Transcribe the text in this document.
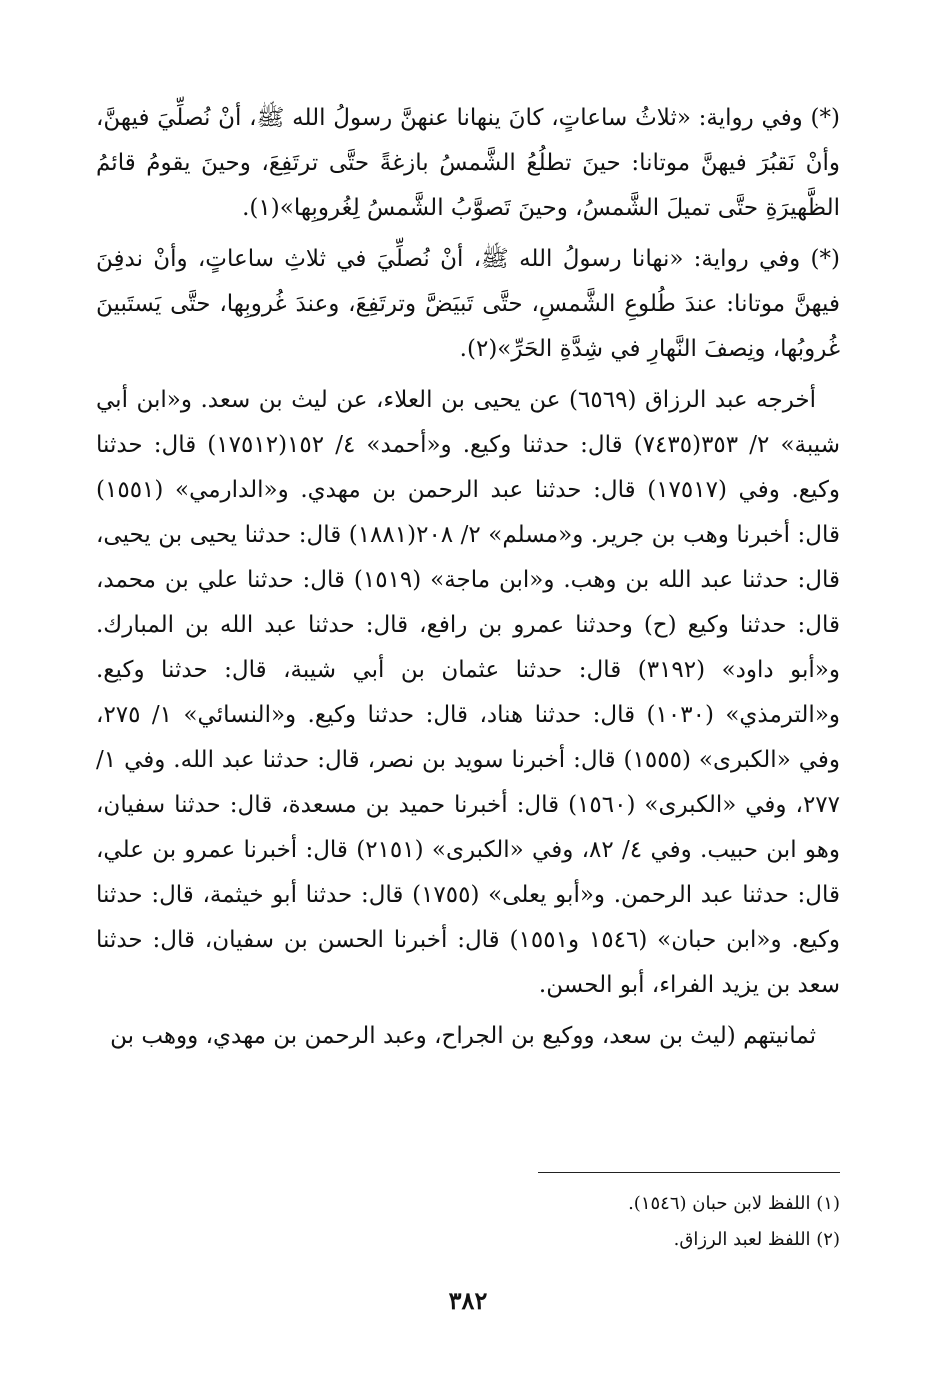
(*) وفي رواية: «ثلاثُ ساعاتٍ، كانَ ينهانا عنهنَّ رسولُ الله ﷺ، أنْ نُصلِّيَ فيهنَّ، وأنْ نَقبُرَ فيهنَّ موتانا: حينَ تطلُعُ الشَّمسُ بازغةً حتَّى ترتَفِعَ، وحينَ يقومُ قائمُ الظَّهيرَةِ حتَّى تميلَ الشَّمسُ، وحينَ تَصوَّبُ الشَّمسُ لِغُروبِها»(١).

(*) وفي رواية: «نهانا رسولُ الله ﷺ، أنْ نُصلِّيَ في ثلاثِ ساعاتٍ، وأنْ ندفِنَ فيهنَّ موتانا: عندَ طُلوعِ الشَّمسِ، حتَّى تَبيَضَّ وترتَفِعَ، وعندَ غُروبِها، حتَّى يَستَبينَ غُروبُها، ونِصفَ النَّهارِ في شِدَّةِ الحَرِّ»(٢).

أخرجه عبد الرزاق (٦٥٦٩) عن يحيى بن العلاء، عن ليث بن سعد. و«ابن أبي شيبة» ٢/ ٣٥٣(٧٤٣٥) قال: حدثنا وكيع. و«أحمد» ٤/ ١٥٢(١٧٥١٢) قال: حدثنا وكيع. وفي (١٧٥١٧) قال: حدثنا عبد الرحمن بن مهدي. و«الدارمي» (١٥٥١) قال: أخبرنا وهب بن جرير. و«مسلم» ٢/ ٢٠٨(١٨٨١) قال: حدثنا يحيى بن يحيى، قال: حدثنا عبد الله بن وهب. و«ابن ماجة» (١٥١٩) قال: حدثنا علي بن محمد، قال: حدثنا وكيع (ح) وحدثنا عمرو بن رافع، قال: حدثنا عبد الله بن المبارك. و«أبو داود» (٣١٩٢) قال: حدثنا عثمان بن أبي شيبة، قال: حدثنا وكيع. و«الترمذي» (١٠٣٠) قال: حدثنا هناد، قال: حدثنا وكيع. و«النسائي» ١/ ٢٧٥، وفي «الكبرى» (١٥٥٥) قال: أخبرنا سويد بن نصر، قال: حدثنا عبد الله. وفي ١/ ٢٧٧، وفي «الكبرى» (١٥٦٠) قال: أخبرنا حميد بن مسعدة، قال: حدثنا سفيان، وهو ابن حبيب. وفي ٤/ ٨٢، وفي «الكبرى» (٢١٥١) قال: أخبرنا عمرو بن علي، قال: حدثنا عبد الرحمن. و«أبو يعلى» (١٧٥٥) قال: حدثنا أبو خيثمة، قال: حدثنا وكيع. و«ابن حبان» (١٥٤٦ و١٥٥١) قال: أخبرنا الحسن بن سفيان، قال: حدثنا سعد بن يزيد الفراء، أبو الحسن.

ثمانيتهم (ليث بن سعد، ووكيع بن الجراح، وعبد الرحمن بن مهدي، ووهب بن

(١) اللفظ لابن حبان (١٥٤٦).

(٢) اللفظ لعبد الرزاق.

٣٨٢
